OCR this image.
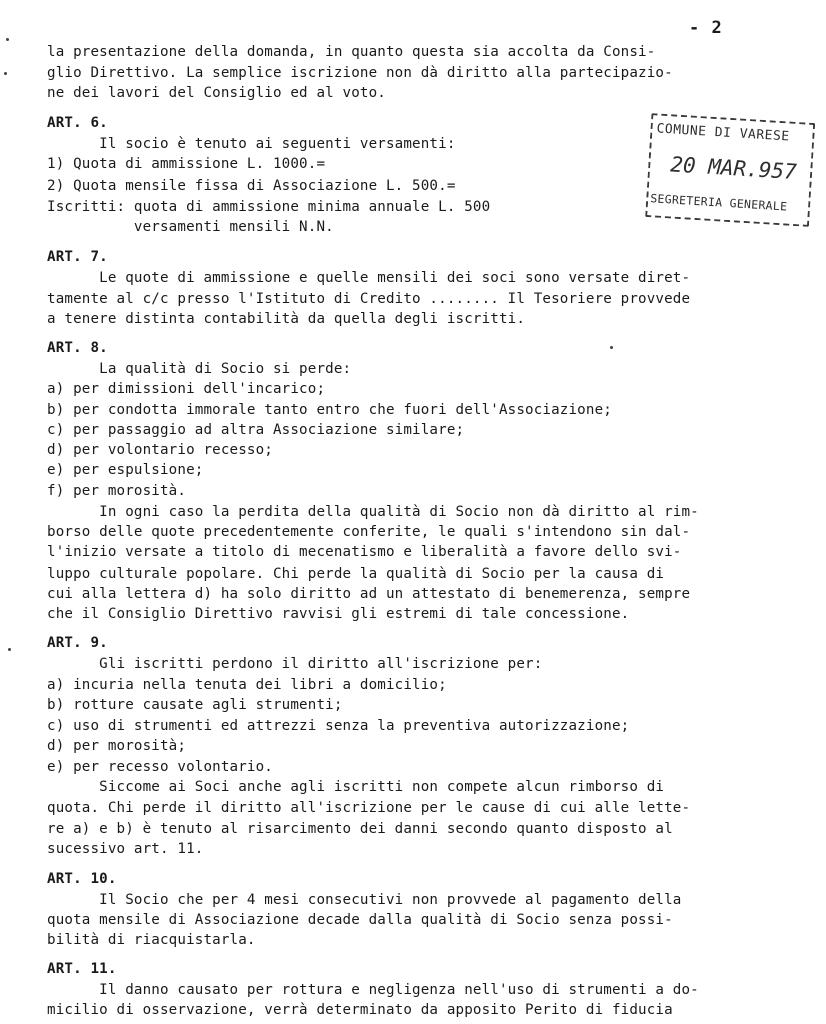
- 2
la presentazione della domanda, in quanto questa sia accolta da Consi-
glio Direttivo. La semplice iscrizione non dà diritto alla partecipazio-
ne dei lavori del Consiglio ed al voto.
ART. 6.
Il socio è tenuto ai seguenti versamenti:
1) Quota di ammissione L. 1000.=
2) Quota mensile fissa di Associazione L. 500.=
Iscritti: quota di ammissione minima annuale L. 500
versamenti mensili N.N.
ART. 7.
Le quote di ammissione e quelle mensili dei soci sono versate diret-
tamente al c/c presso l'Istituto di Credito ........ Il Tesoriere provvede
a tenere distinta contabilità da quella degli iscritti.
ART. 8.
La qualità di Socio si perde:
a) per dimissioni dell'incarico;
b) per condotta immorale tanto entro che fuori dell'Associazione;
c) per passaggio ad altra Associazione similare;
d) per volontario recesso;
e) per espulsione;
f) per morosità.
In ogni caso la perdita della qualità di Socio non dà diritto al rim-
borso delle quote precedentemente conferite, le quali s'intendono sin dal-
l'inizio versate a titolo di mecenatismo e liberalità a favore dello svi-
luppo culturale popolare. Chi perde la qualità di Socio per la causa di
cui alla lettera d) ha solo diritto ad un attestato di benemerenza, sempre
che il Consiglio Direttivo ravvisi gli estremi di tale concessione.
ART. 9.
Gli iscritti perdono il diritto all'iscrizione per:
a) incuria nella tenuta dei libri a domicilio;
b) rotture causate agli strumenti;
c) uso di strumenti ed attrezzi senza la preventiva autorizzazione;
d) per morosità;
e) per recesso volontario.
Siccome ai Soci anche agli iscritti non compete alcun rimborso di
quota. Chi perde il diritto all'iscrizione per le cause di cui alle lette-
re a) e b) è tenuto al risarcimento dei danni secondo quanto disposto al
sucessivo art. 11.
ART. 10.
Il Socio che per 4 mesi consecutivi non provvede al pagamento della
quota mensile di Associazione decade dalla qualità di Socio senza possi-
bilità di riacquistarla.
ART. 11.
Il danno causato per rottura e negligenza nell'uso di strumenti a do-
micilio di osservazione, verrà determinato da apposito Perito di fiducia
COMUNE DI VARESE
20 MAR.957
SEGRETERIA GENERALE
